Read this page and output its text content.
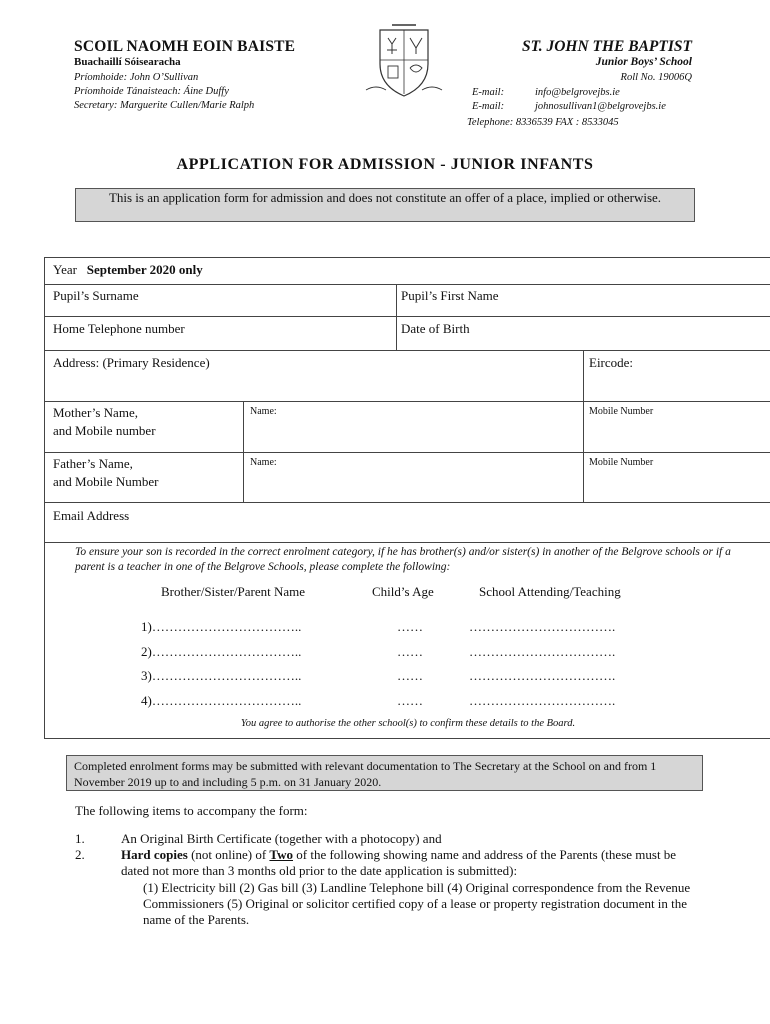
SCOIL NAOMH EOIN BAISTE
Buachaillí Sóisearacha
Príomhoide: John O’Sullivan
Príomhoide Tánaisteach: Áine Duffy
Secretary: Marguerite Cullen/Marie Ralph
ST. JOHN THE BAPTIST
Junior Boys’ School
Roll No. 19006Q
E-mail:	info@belgrovejbs.ie
E-mail:	johnosullivan1@belgrovejbs.ie
Telephone: 8336539 FAX : 8533045
APPLICATION FOR ADMISSION - JUNIOR INFANTS
This is an application form for admission and does not constitute an offer of a place, implied or otherwise.
Year September 2020 only
Pupil’s Surname	Pupil’s First Name
Home Telephone number	Date of Birth
Address: (Primary Residence)	Eircode:
Mother’s Name,
and Mobile number
Name:	Mobile Number
Father’s Name,
and Mobile Number
Name:	Mobile Number
Email Address
To ensure your son is recorded in the correct enrolment category, if he has brother(s) and/or sister(s) in another of the Belgrove schools or if a parent is a teacher in one of the Belgrove Schools, please complete the following:
Brother/Sister/Parent Name	Child’s Age	School Attending/Teaching
1)……………………………..	……	…………………………….
2)……………………………..	……	…………………………….
3)……………………………..	……	…………………………….
4)……………………………..	……	…………………………….
You agree to authorise the other school(s) to confirm these details to the Board.
Completed enrolment forms may be submitted with relevant documentation to The Secretary at the School on and from 1 November 2019 up to and including 5 p.m. on 31 January 2020.
The following items to accompany the form:
1.	An Original Birth Certificate (together with a photocopy) and
2.	Hard copies (not online) of Two of the following showing name and address of the Parents (these must be dated not more than 3 months old prior to the date application is submitted):
(1) Electricity bill (2) Gas bill (3) Landline Telephone bill (4) Original correspondence from the Revenue Commissioners (5) Original or solicitor certified copy of a lease or property registration document in the name of the Parents.
